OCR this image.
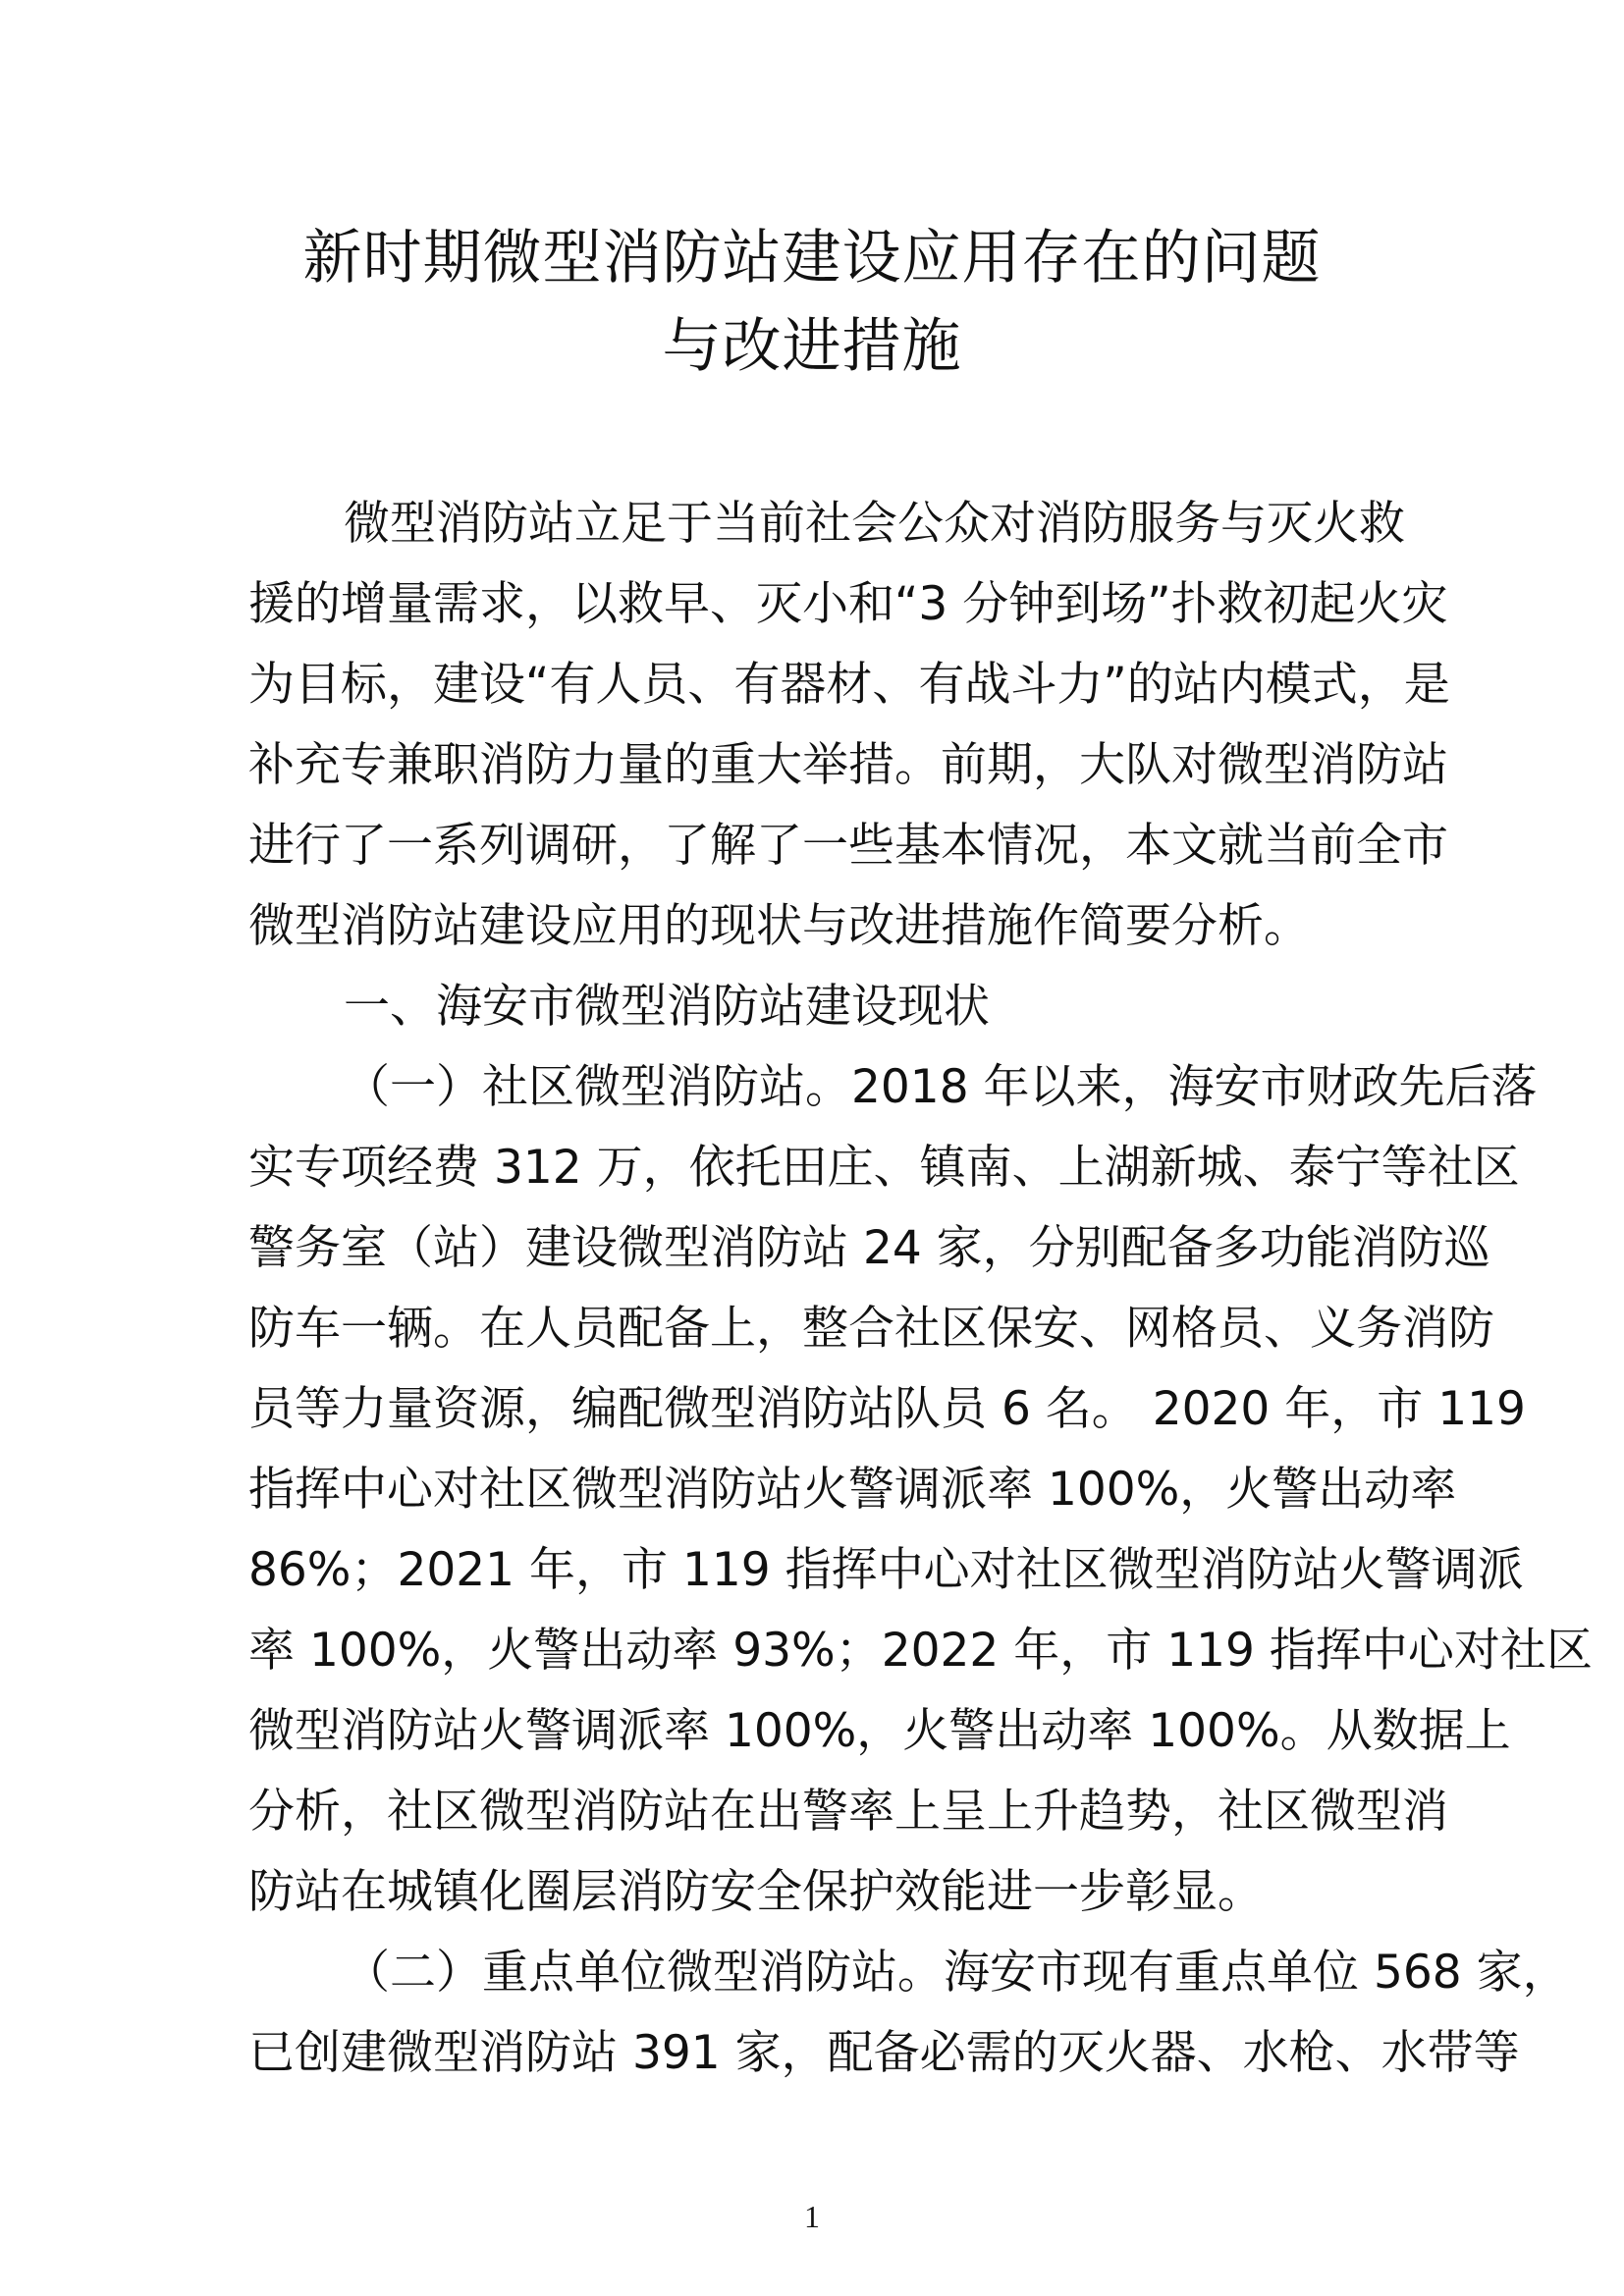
新时期微型消防站建设应用存在的问题
与改进措施
微型消防站立足于当前社会公众对消防服务与灭火救
援的增量需求，以救早、灭小和“3 分钟到场”扑救初起火灾
为目标，建设“有人员、有器材、有战斗力”的站内模式，是
补充专兼职消防力量的重大举措。前期，大队对微型消防站
进行了一系列调研，了解了一些基本情况，本文就当前全市
微型消防站建设应用的现状与改进措施作简要分析。
一、海安市微型消防站建设现状
（一）社区微型消防站。2018 年以来，海安市财政先后落
实专项经费 312 万，依托田庄、镇南、上湖新城、泰宁等社区
警务室（站）建设微型消防站 24 家，分别配备多功能消防巡
防车一辆。在人员配备上，整合社区保安、网格员、义务消防
员等力量资源，编配微型消防站队员 6 名。 2020 年，市 119
指挥中心对社区微型消防站火警调派率 100%，火警出动率
86%；2021 年，市 119 指挥中心对社区微型消防站火警调派
率 100%，火警出动率 93%；2022 年，市 119 指挥中心对社区
微型消防站火警调派率 100%，火警出动率 100%。从数据上
分析，社区微型消防站在出警率上呈上升趋势，社区微型消
防站在城镇化圈层消防安全保护效能进一步彰显。
（二）重点单位微型消防站。海安市现有重点单位 568 家，
已创建微型消防站 391 家，配备必需的灭火器、水枪、水带等
1
